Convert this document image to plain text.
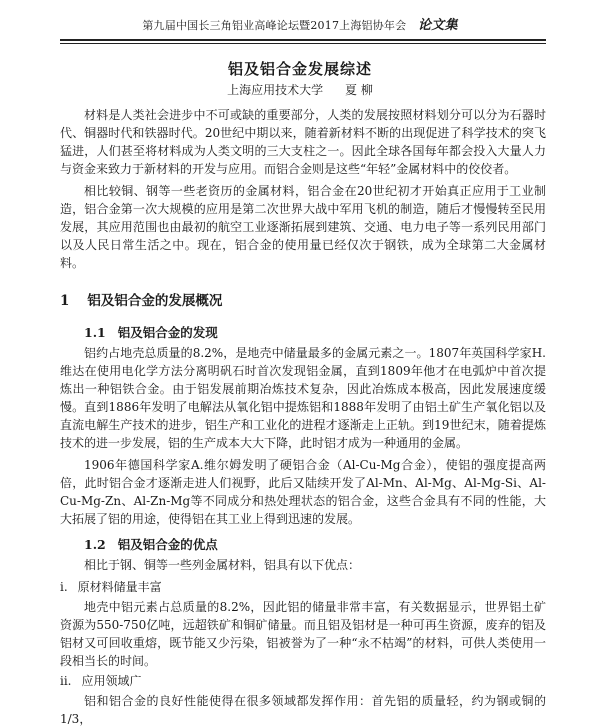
第九届中国长三角铝业高峰论坛暨2017上海铝协年会 论文集
铝及铝合金发展综述
上海应用技术大学 夏 柳

材料是人类社会进步中不可或缺的重要部分，人类的发展按照材料划分可以分为石器时代、铜器时代和铁器时代。20世纪中期以来，随着新材料不断的出现促进了科学技术的突飞猛进，人们甚至将材料成为人类文明的三大支柱之一。因此全球各国每年都会投入大量人力与资金来致力于新材料的开发与应用。而铝合金则是这些“年轻”金属材料中的佼佼者。

相比较铜、钢等一些老资历的金属材料，铝合金在20世纪初才开始真正应用于工业制造，铝合金第一次大规模的应用是第二次世界大战中军用飞机的制造，随后才慢慢转至民用发展，其应用范围也由最初的航空工业逐渐拓展到建筑、交通、电力电子等一系列民用部门以及人民日常生活之中。现在，铝合金的使用量已经仅次于钢铁，成为全球第二大金属材料。

1 铝及铝合金的发展概况
1.1 铝及铝合金的发现

铝约占地壳总质量的8.2%，是地壳中储量最多的金属元素之一。1807年英国科学家H.维达在使用电化学方法分离明矾石时首次发现铝金属，直到1809年他才在电弧炉中首次提炼出一种铝铁合金。由于铝发展前期冶炼技术复杂，因此冶炼成本极高，因此发展速度缓慢。直到1886年发明了电解法从氧化铝中提炼铝和1888年发明了由铝土矿生产氧化铝以及直流电解生产技术的进步，铝生产和工业化的进程才逐渐走上正轨。到19世纪末，随着提炼技术的进一步发展，铝的生产成本大大下降，此时铝才成为一种通用的金属。

1906年德国科学家A.维尔姆发明了硬铝合金（Al-Cu-Mg合金），使铝的强度提高两倍，此时铝合金才逐渐走进人们视野，此后又陆续开发了Al-Mn、Al-Mg、Al-Mg-Si、Al-Cu-Mg-Zn、Al-Zn-Mg等不同成分和热处理状态的铝合金，这些合金具有不同的性能，大大拓展了铝的用途，使得铝在其工业上得到迅速的发展。

1.2 铝及铝合金的优点

相比于钢、铜等一些列金属材料，铝具有以下优点：

i. 原材料储量丰富

地壳中铝元素占总质量的8.2%，因此铝的储量非常丰富，有关数据显示，世界铝土矿资源为550-750亿吨，远超铁矿和铜矿储量。而且铝及铝材是一种可再生资源，废弃的铝及铝材又可回收重熔，既节能又少污染，铝被誉为了一种“永不枯竭”的材料，可供人类使用一段相当长的时间。

ii. 应用领域广

铝和铝合金的良好性能使得在很多领域都发挥作用：首先铝的质量轻，约为钢或铜的1/3，
